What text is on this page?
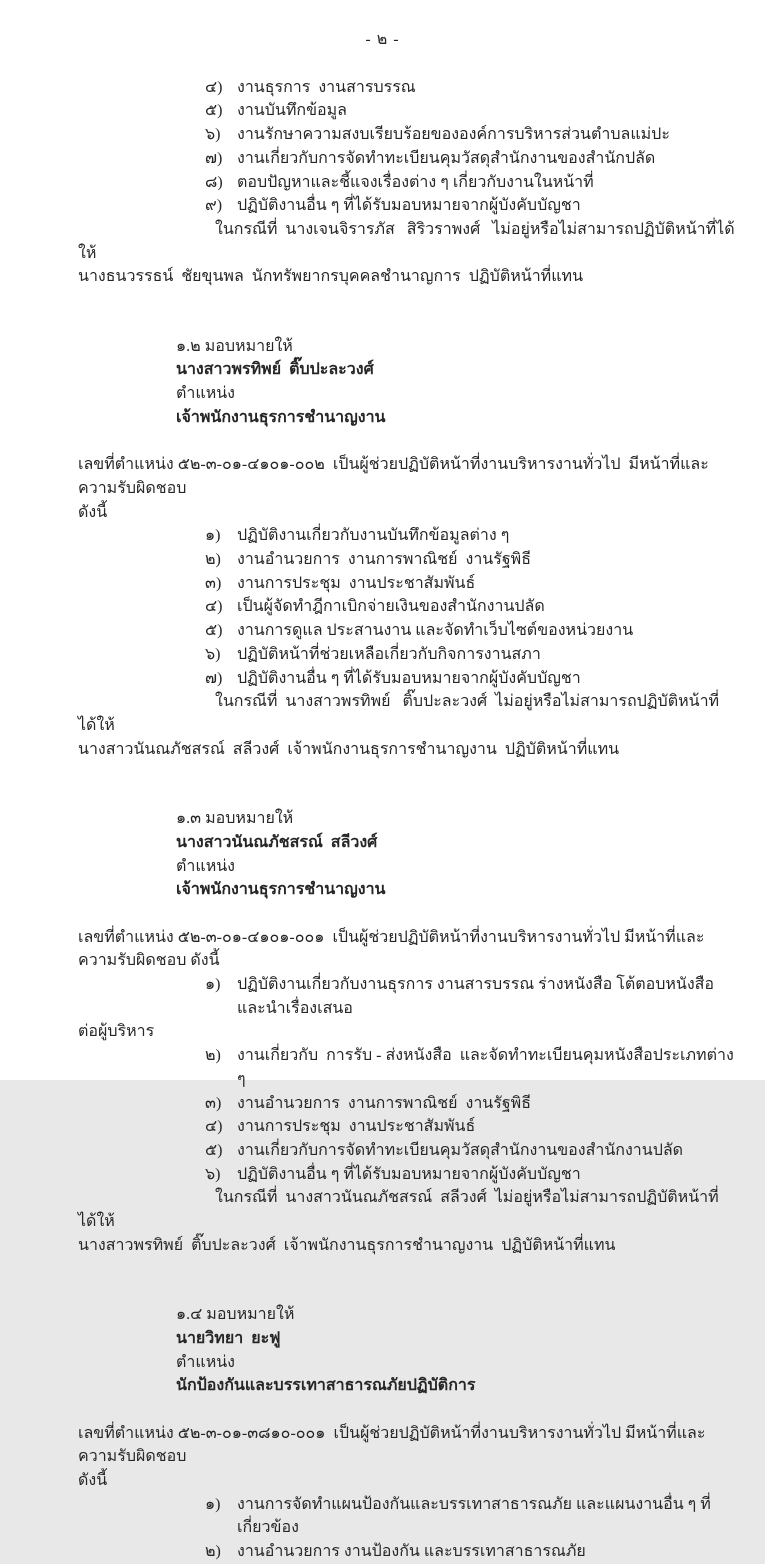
- ๒ -
๔) งานธุรการ  งานสารบรรณ
๕) งานบันทึกข้อมูล
๖)	งานรักษาความสงบเรียบร้อยขององค์การบริหารส่วนตำบลแม่ปะ
๗) งานเกี่ยวกับการจัดทำทะเบียนคุมวัสดุสำนักงานของสำนักปลัด
๘) ตอบปัญหาและชี้แจงเรื่องต่าง ๆ เกี่ยวกับงานในหน้าที่
๙) ปฏิบัติงานอื่น ๆ ที่ได้รับมอบหมายจากผู้บังคับบัญชา

ในกรณีที่  นางเจนจิรารภัส   สิริวราพงศ์   ไม่อยู่หรือไม่สามารถปฏิบัติหน้าที่ได้ให้

นางธนวรรธน์  ชัยขุนพล  นักทรัพยากรบุคคลชำนาญการ  ปฏิบัติหน้าที่แทน

๑.๒ มอบหมายให้
นางสาวพรทิพย์  ติ๊บปะละวงศ์
ตำแหน่ง
เจ้าพนักงานธุรการชำนาญงาน

เลขที่ตำแหน่ง ๕๒-๓-๐๑-๔๑๐๑-๐๐๒  เป็นผู้ช่วยปฏิบัติหน้าที่งานบริหารงานทั่วไป  มีหน้าที่และความรับผิดชอบ

ดังนี้

๑)	ปฏิบัติงานเกี่ยวกับงานบันทึกข้อมูลต่าง ๆ
๒)	งานอำนวยการ  งานการพาณิชย์  งานรัฐพิธี
๓) งานการประชุม  งานประชาสัมพันธ์
๔) เป็นผู้จัดทำฎีกาเบิกจ่ายเงินของสำนักงานปลัด
๕) งานการดูแล ประสานงาน และจัดทำเว็บไซต์ของหน่วยงาน
๖)	ปฏิบัติหน้าที่ช่วยเหลือเกี่ยวกับกิจการงานสภา
๗) ปฏิบัติงานอื่น ๆ ที่ได้รับมอบหมายจากผู้บังคับบัญชา

ในกรณีที่  นางสาวพรทิพย์   ติ๊บปะละวงศ์  ไม่อยู่หรือไม่สามารถปฏิบัติหน้าที่ได้ให้

นางสาวนันณภัชสรณ์  สลีวงศ์  เจ้าพนักงานธุรการชำนาญงาน  ปฏิบัติหน้าที่แทน

๑.๓ มอบหมายให้
นางสาวนันณภัชสรณ์  สลีวงศ์
ตำแหน่ง
เจ้าพนักงานธุรการชำนาญงาน

เลขที่ตำแหน่ง ๕๒-๓-๐๑-๔๑๐๑-๐๐๑  เป็นผู้ช่วยปฏิบัติหน้าที่งานบริหารงานทั่วไป มีหน้าที่และความรับผิดชอบ ดังนี้

๑)	ปฏิบัติงานเกี่ยวกับงานธุรการ งานสารบรรณ ร่างหนังสือ โต้ตอบหนังสือและนำเรื่องเสนอ

ต่อผู้บริหาร

๒)	งานเกี่ยวกับ  การรับ - ส่งหนังสือ  และจัดทำทะเบียนคุมหนังสือประเภทต่าง ๆ
๓) งานอำนวยการ  งานการพาณิชย์  งานรัฐพิธี
๔) งานการประชุม  งานประชาสัมพันธ์
๕) งานเกี่ยวกับการจัดทำทะเบียนคุมวัสดุสำนักงานของสำนักงานปลัด
๖)	ปฏิบัติงานอื่น ๆ ที่ได้รับมอบหมายจากผู้บังคับบัญชา

ในกรณีที่  นางสาวนันณภัชสรณ์  สลีวงศ์  ไม่อยู่หรือไม่สามารถปฏิบัติหน้าที่ได้ให้

นางสาวพรทิพย์  ติ๊บปะละวงศ์  เจ้าพนักงานธุรการชำนาญงาน  ปฏิบัติหน้าที่แทน

๑.๔ มอบหมายให้
นายวิทยา  ยะฟู
ตำแหน่ง
นักป้องกันและบรรเทาสาธารณภัยปฏิบัติการ

เลขที่ตำแหน่ง ๕๒-๓-๐๑-๓๘๑๐-๐๐๑  เป็นผู้ช่วยปฏิบัติหน้าที่งานบริหารงานทั่วไป มีหน้าที่และความรับผิดชอบ

ดังนี้

๑)	งานการจัดทำแผนป้องกันและบรรเทาสาธารณภัย และแผนงานอื่น ๆ ที่เกี่ยวข้อง
๒)	งานอำนวยการ งานป้องกัน และบรรเทาสาธารณภัย
